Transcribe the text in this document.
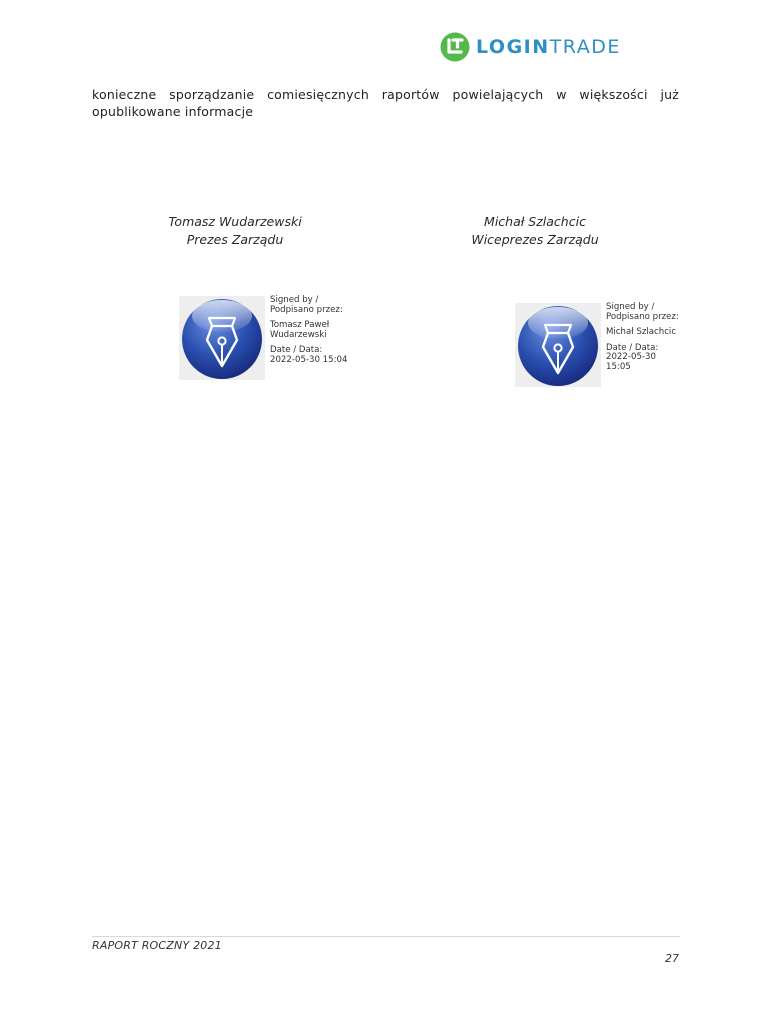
LOGINTRADE
konieczne sporządzanie comiesięcznych raportów powielających w większości już opublikowane informacje
Tomasz Wudarzewski
Prezes Zarządu
Michał Szlachcic
Wiceprezes Zarządu
Signed by /
Podpisano przez:
Tomasz Paweł
Wudarzewski
Date / Data:
2022-05-30 15:04
Signed by /
Podpisano przez:
Michał Szlachcic
Date / Data:
2022-05-30
15:05
RAPORT ROCZNY 2021
27
